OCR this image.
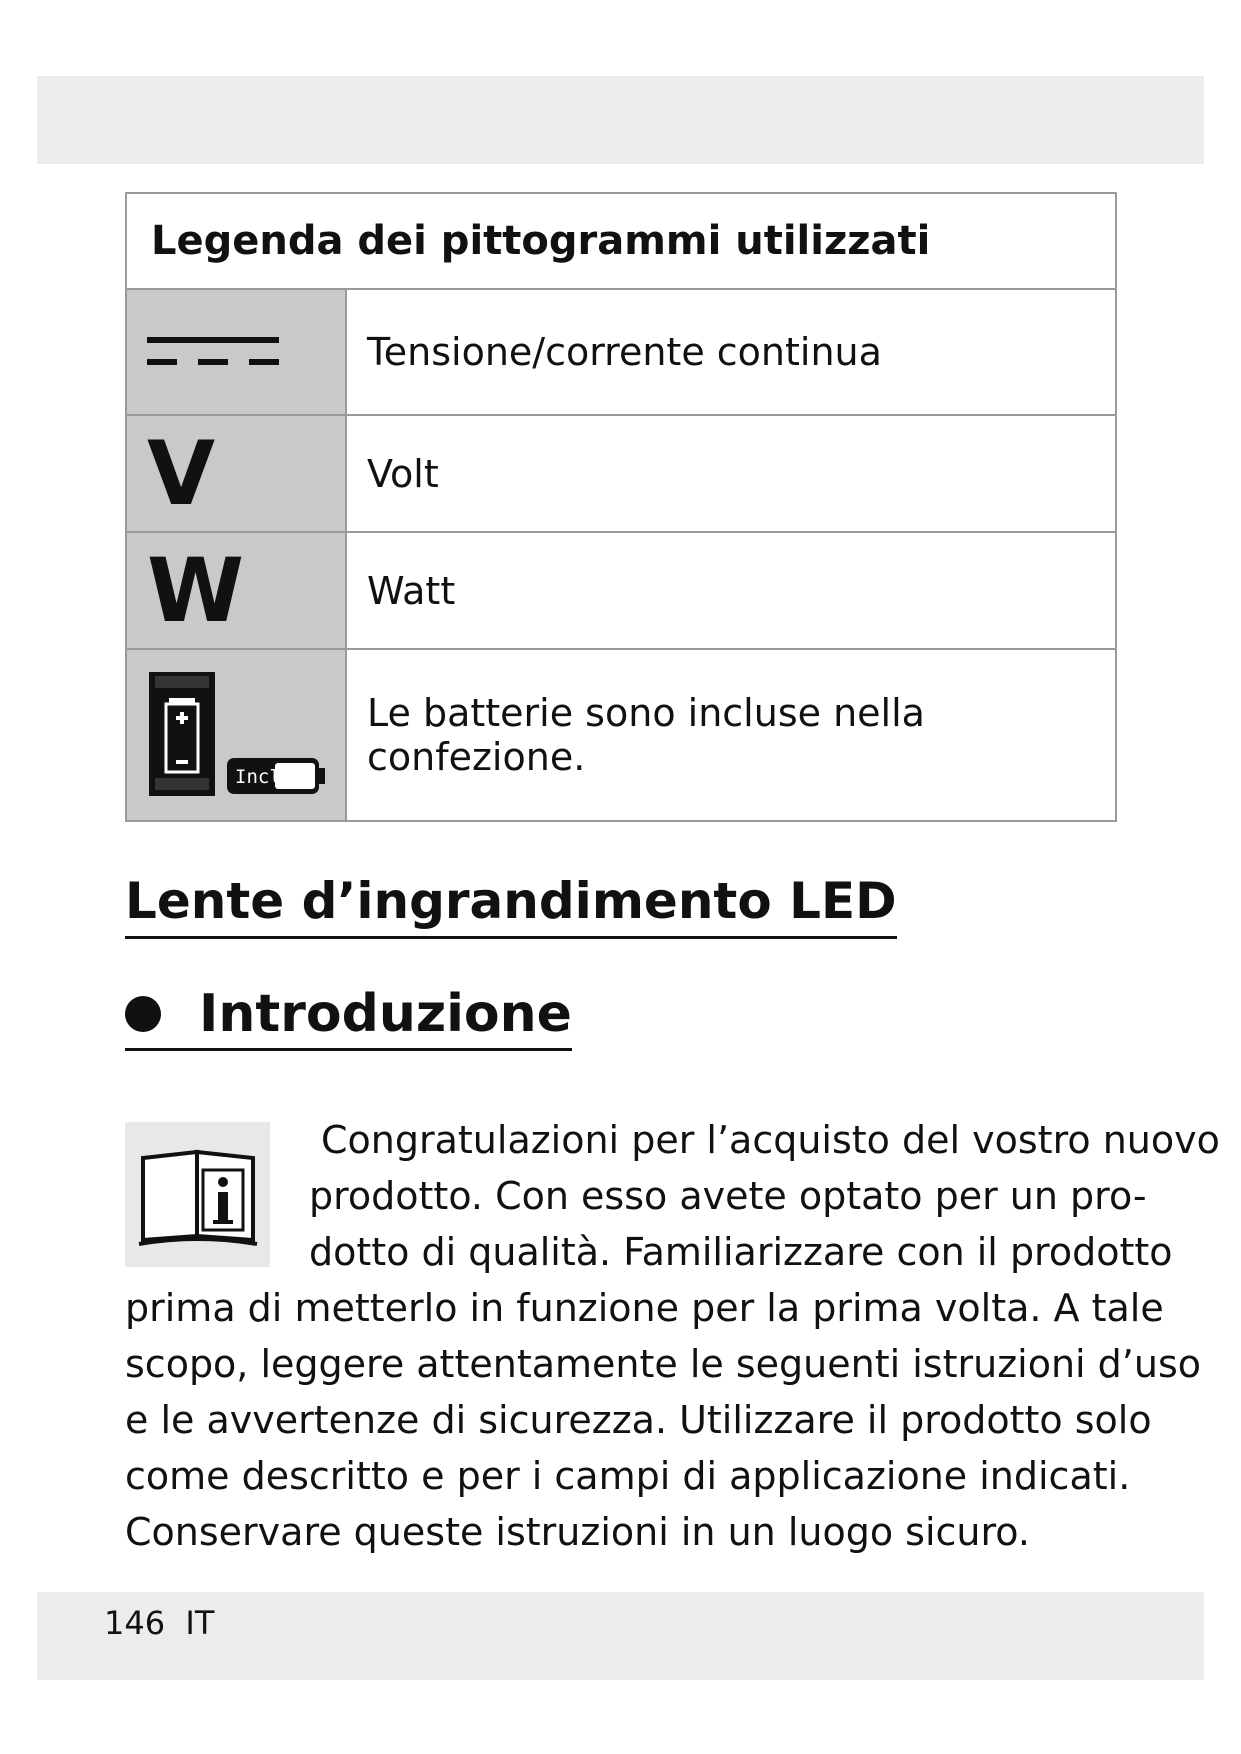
Legenda dei pittogrammi utilizzati
Tensione/corrente continua
V	Volt
W	Watt
Incl.
Le batterie sono incluse nella confezione.
Lente d’ingrandimento LED
Introduzione
Congratulazioni per l’acquisto del vostro nuovo
prodotto. Con esso avete optato per un pro-
dotto di qualità. Familiarizzare con il prodotto
prima di metterlo in funzione per la prima volta. A tale
scopo, leggere attentamente le seguenti istruzioni d’uso
e le avvertenze di sicurezza. Utilizzare il prodotto solo
come descritto e per i campi di applicazione indicati.
Conservare queste istruzioni in un luogo sicuro.
146 IT
